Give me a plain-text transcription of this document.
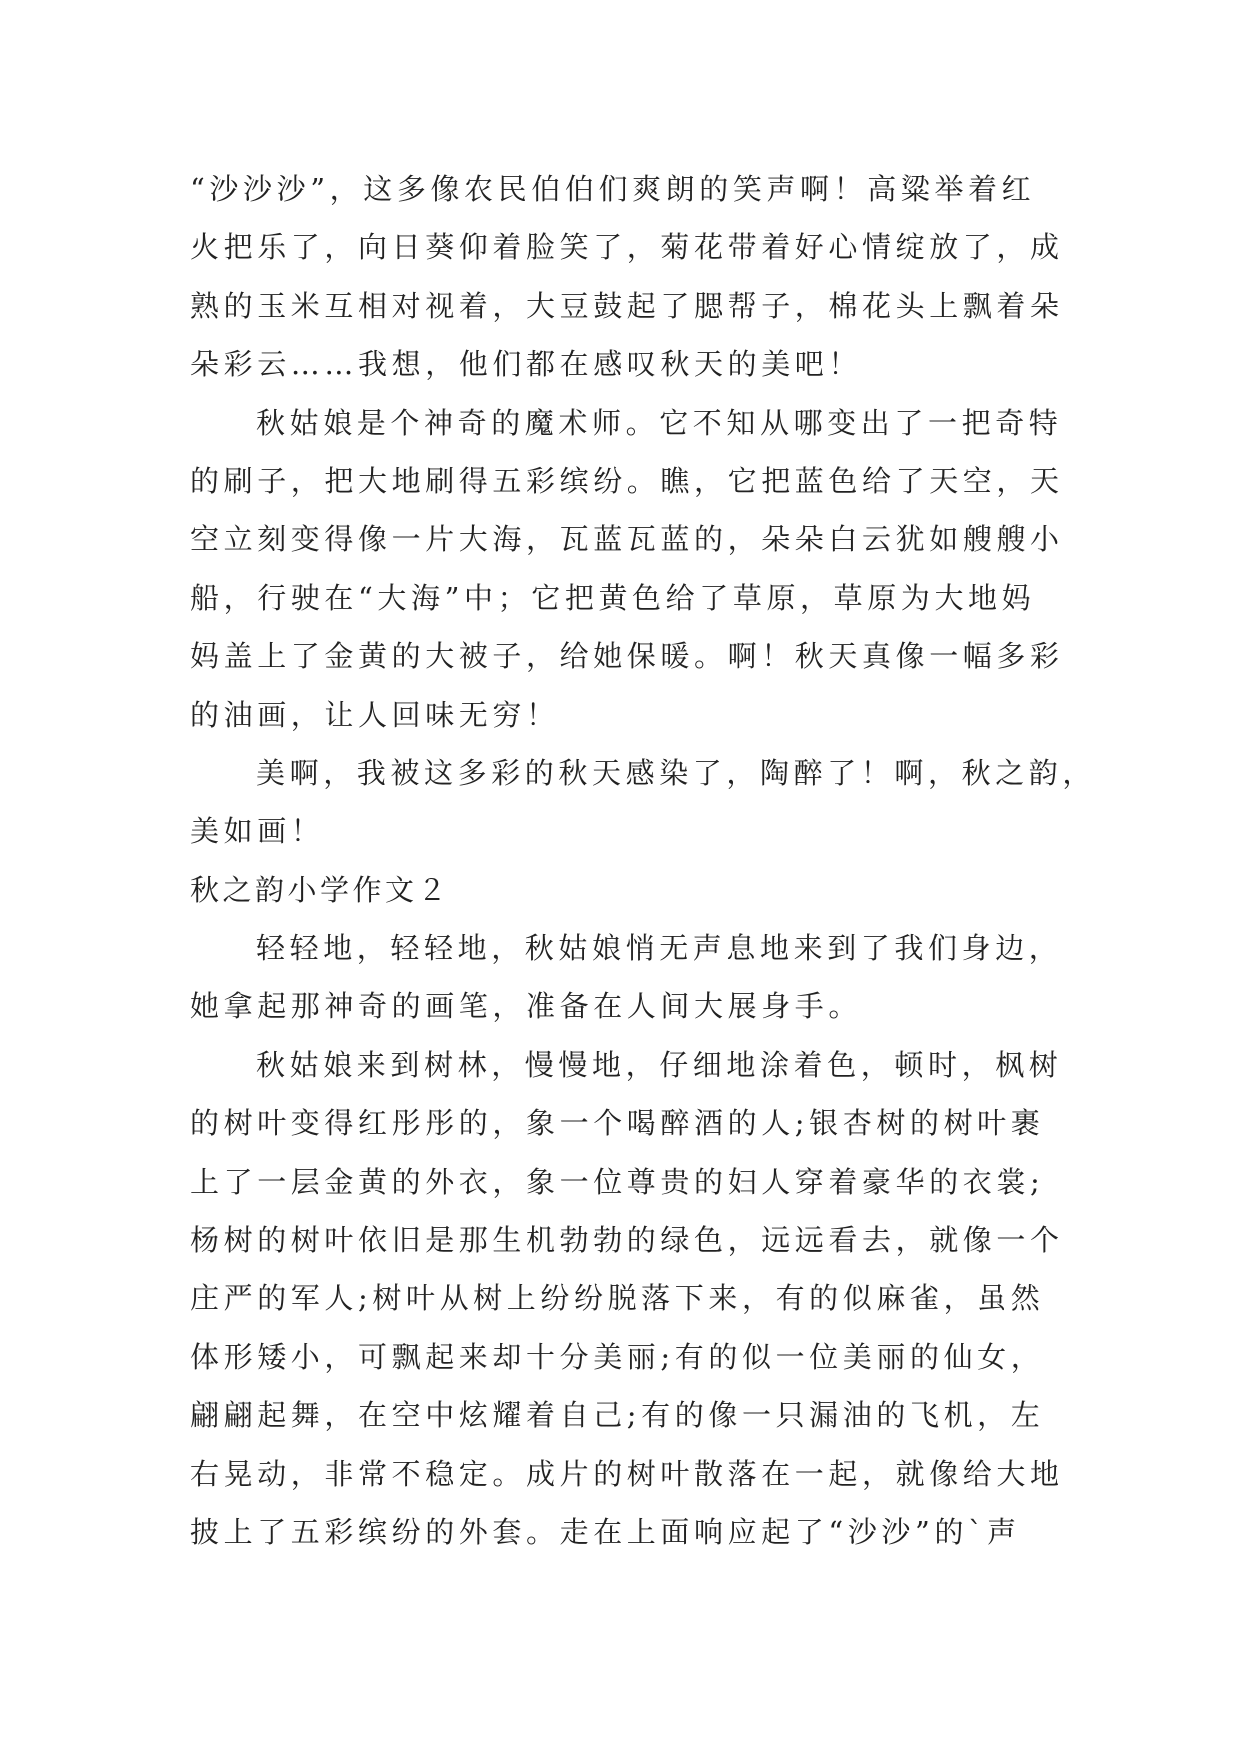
“沙沙沙”，这多像农民伯伯们爽朗的笑声啊！高粱举着红
火把乐了，向日葵仰着脸笑了，菊花带着好心情绽放了，成
熟的玉米互相对视着，大豆鼓起了腮帮子，棉花头上飘着朵
朵彩云……我想，他们都在感叹秋天的美吧！
秋姑娘是个神奇的魔术师。它不知从哪变出了一把奇特
的刷子，把大地刷得五彩缤纷。瞧，它把蓝色给了天空，天
空立刻变得像一片大海，瓦蓝瓦蓝的，朵朵白云犹如艘艘小
船，行驶在“大海”中；它把黄色给了草原，草原为大地妈
妈盖上了金黄的大被子，给她保暖。啊！秋天真像一幅多彩
的油画，让人回味无穷！
美啊，我被这多彩的秋天感染了，陶醉了！啊，秋之韵，
美如画！
秋之韵小学作文２
轻轻地，轻轻地，秋姑娘悄无声息地来到了我们身边，
她拿起那神奇的画笔，准备在人间大展身手。
秋姑娘来到树林，慢慢地，仔细地涂着色，顿时，枫树
的树叶变得红彤彤的，象一个喝醉酒的人;银杏树的树叶裹
上了一层金黄的外衣，象一位尊贵的妇人穿着豪华的衣裳;
杨树的树叶依旧是那生机勃勃的绿色，远远看去，就像一个
庄严的军人;树叶从树上纷纷脱落下来，有的似麻雀，虽然
体形矮小，可飘起来却十分美丽;有的似一位美丽的仙女，
翩翩起舞，在空中炫耀着自己;有的像一只漏油的飞机，左
右晃动，非常不稳定。成片的树叶散落在一起，就像给大地
披上了五彩缤纷的外套。走在上面响应起了“沙沙”的`声
